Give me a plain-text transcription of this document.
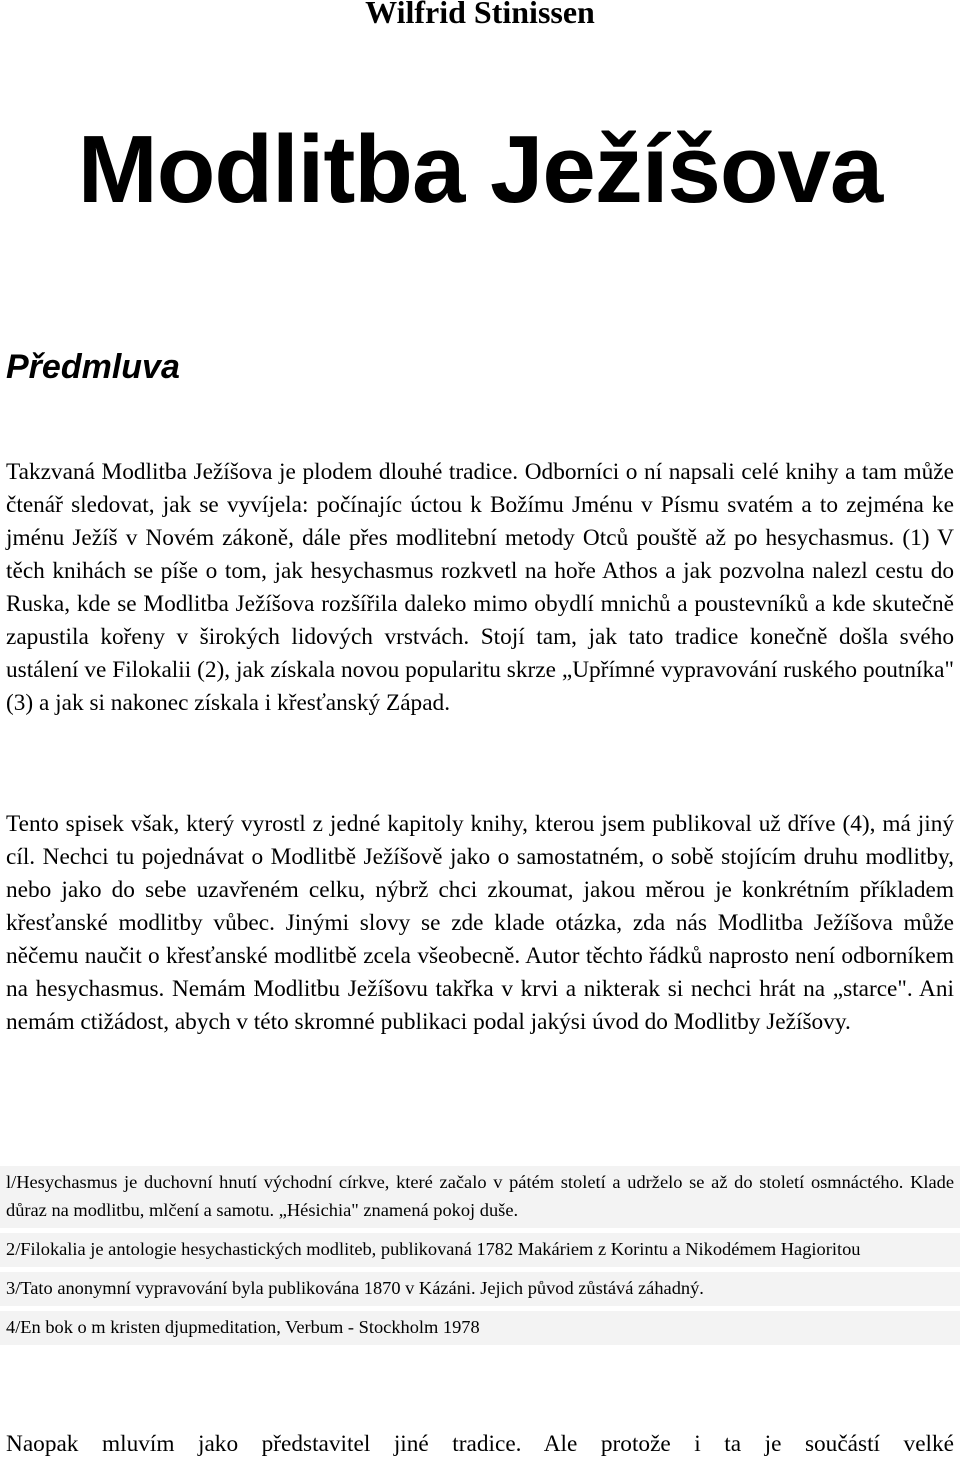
Wilfrid Stinissen
Modlitba Ježíšova
Předmluva

Takzvaná Modlitba Ježíšova je plodem dlouhé tradice. Odborníci o ní napsali celé knihy a tam může čtenář sledovat, jak se vyvíjela: počínajíc úctou k Božímu Jménu v Písmu svatém a to zejména ke jménu Ježíš v Novém zákoně, dále přes modlitební metody Otců pouště až po hesychasmus. (1) V těch knihách se píše o tom, jak hesychasmus rozkvetl na hoře Athos a jak pozvolna nalezl cestu do Ruska, kde se Modlitba Ježíšova rozšířila daleko mimo obydlí mnichů a poustevníků a kde skutečně zapustila kořeny v širokých lidových vrstvách. Stojí tam, jak tato tradice konečně došla svého ustálení ve Filokalii (2), jak získala novou popularitu skrze „Upřímné vypravování ruského poutníka" (3) a jak si nakonec získala i křesťanský Západ.

Tento spisek však, který vyrostl z jedné kapitoly knihy, kterou jsem publikoval už dříve (4), má jiný cíl. Nechci tu pojednávat o Modlitbě Ježíšově jako o samostatném, o sobě stojícím druhu modlitby, nebo jako do sebe uzavřeném celku, nýbrž chci zkoumat, jakou měrou je konkrétním příkladem křesťanské modlitby vůbec. Jinými slovy se zde klade otázka, zda nás Modlitba Ježíšova může něčemu naučit o křesťanské modlitbě zcela všeobecně. Autor těchto řádků naprosto není odborníkem na hesychasmus. Nemám Modlitbu Ježíšovu takřka v krvi a nikterak si nechci hrát na „starce". Ani nemám ctižádost, abych v této skromné publikaci podal jakýsi úvod do Modlitby Ježíšovy.

l/Hesychasmus je duchovní hnutí východní církve, které začalo v pátém století a udrželo se až do století osmnáctého. Klade důraz na modlitbu, mlčení a samotu. „Hésichia" znamená pokoj duše.

2/Filokalia je antologie hesychastických modliteb, publikovaná 1782 Makáriem z Korintu a Nikodémem Hagioritou

3/Tato anonymní vypravování byla publikována 1870 v Kázáni. Jejich původ zůstává záhadný.

4/En bok o m kristen djupmeditation, Verbum - Stockholm 1978

Naopak mluvím jako představitel jiné tradice. Ale protože i ta je součástí velké
